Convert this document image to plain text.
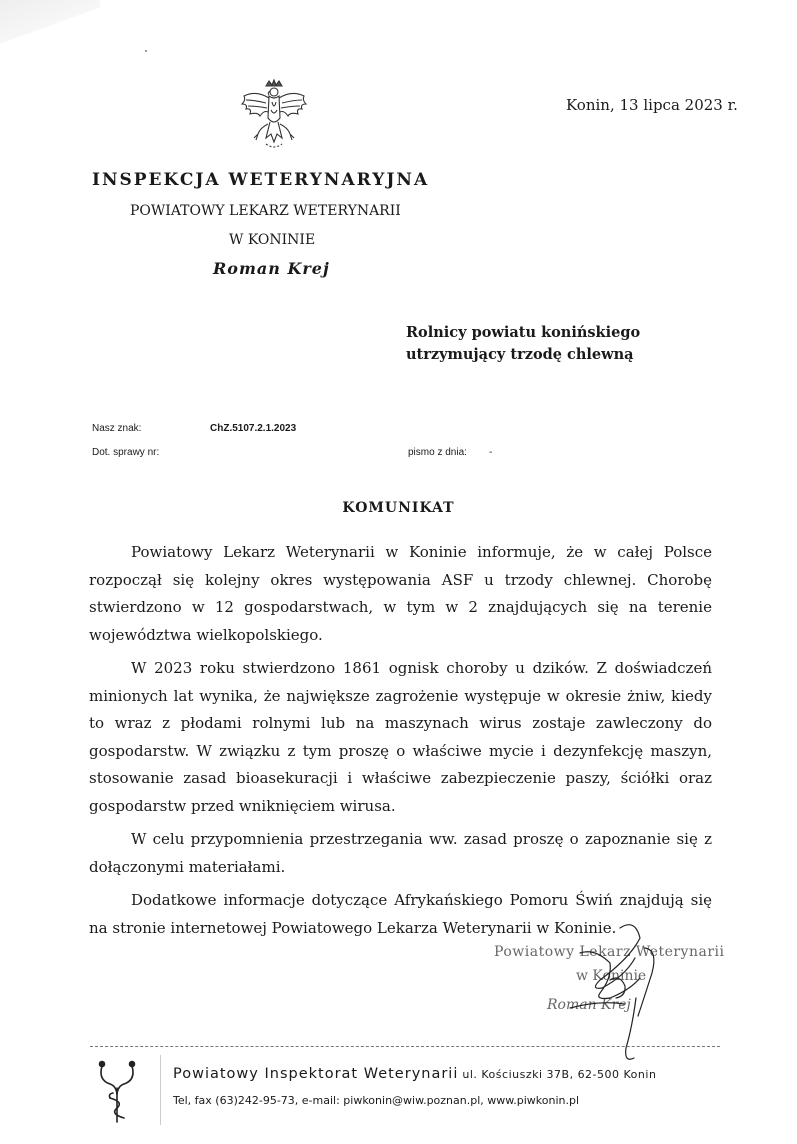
Konin, 13 lipca 2023 r.
INSPEKCJA WETERYNARYJNA
POWIATOWY LEKARZ WETERYNARII
W KONINIE
Roman Krej
Rolnicy powiatu konińskiego
utrzymujący trzodę chlewną
Nasz znak:	ChZ.5107.2.1.2023
Dot. sprawy nr:	pismo z dnia: -
KOMUNIKAT

Powiatowy Lekarz Weterynarii w Koninie informuje, że w całej Polsce rozpoczął się kolejny okres występowania ASF u trzody chlewnej. Chorobę stwierdzono w 12 gospodarstwach, w tym w 2 znajdujących się na terenie województwa wielkopolskiego.

W 2023 roku stwierdzono 1861 ognisk choroby u dzików. Z doświadczeń minionych lat wynika, że największe zagrożenie występuje w okresie żniw, kiedy to wraz z płodami rolnymi lub na maszynach wirus zostaje zawleczony do gospodarstw. W związku z tym proszę o właściwe mycie i dezynfekcję maszyn, stosowanie zasad bioasekuracji i właściwe zabezpieczenie paszy, ściółki oraz gospodarstw przed wniknięciem wirusa.

W celu przypomnienia przestrzegania ww. zasad proszę o zapoznanie się z dołączonymi materiałami.

Dodatkowe informacje dotyczące Afrykańskiego Pomoru Świń znajdują się na stronie internetowej Powiatowego Lekarza Weterynarii w Koninie.

Powiatowy Lekarz Weterynarii
w Koninie
Roman Krej
Powiatowy Inspektorat Weterynarii ul. Kościuszki 37B, 62-500 Konin
Tel, fax (63)242-95-73, e-mail: piwkonin@wiw.poznan.pl, www.piwkonin.pl
